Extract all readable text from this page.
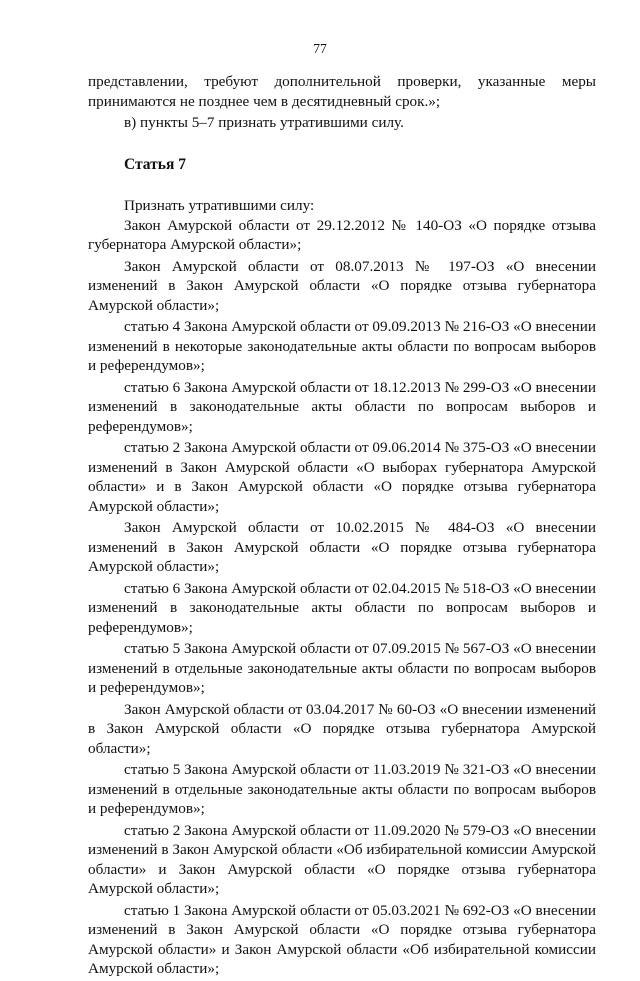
77

представлении, требуют дополнительной проверки, указанные меры принимаются не позднее чем в десятидневный срок.»;

в) пункты 5–7 признать утратившими силу.

Статья 7

Признать утратившими силу:

Закон Амурской области от 29.12.2012 № 140-ОЗ «О порядке отзыва губернатора Амурской области»;

Закон Амурской области от 08.07.2013 № 197-ОЗ «О внесении изменений в Закон Амурской области «О порядке отзыва губернатора Амурской области»;

статью 4 Закона Амурской области от 09.09.2013 № 216-ОЗ «О внесении изменений в некоторые законодательные акты области по вопросам выборов и референдумов»;

статью 6 Закона Амурской области от 18.12.2013 № 299-ОЗ «О внесении изменений в законодательные акты области по вопросам выборов и референдумов»;

статью 2 Закона Амурской области от 09.06.2014 № 375-ОЗ «О внесении изменений в Закон Амурской области «О выборах губернатора Амурской области» и в Закон Амурской области «О порядке отзыва губернатора Амурской области»;

Закон Амурской области от 10.02.2015 № 484-ОЗ «О внесении изменений в Закон Амурской области «О порядке отзыва губернатора Амурской области»;

статью 6 Закона Амурской области от 02.04.2015 № 518-ОЗ «О внесении изменений в законодательные акты области по вопросам выборов и референдумов»;

статью 5 Закона Амурской области от 07.09.2015 № 567-ОЗ «О внесении изменений в отдельные законодательные акты области по вопросам выборов и референдумов»;

Закон Амурской области от 03.04.2017 № 60-ОЗ «О внесении изменений в Закон Амурской области «О порядке отзыва губернатора Амурской области»;

статью 5 Закона Амурской области от 11.03.2019 № 321-ОЗ «О внесении изменений в отдельные законодательные акты области по вопросам выборов и референдумов»;

статью 2 Закона Амурской области от 11.09.2020 № 579-ОЗ «О внесении изменений в Закон Амурской области «Об избирательной комиссии Амурской области» и Закон Амурской области «О порядке отзыва губернатора Амурской области»;

статью 1 Закона Амурской области от 05.03.2021 № 692-ОЗ «О внесении изменений в Закон Амурской области «О порядке отзыва губернатора Амурской области» и Закон Амурской области «Об избирательной комиссии Амурской области»;
